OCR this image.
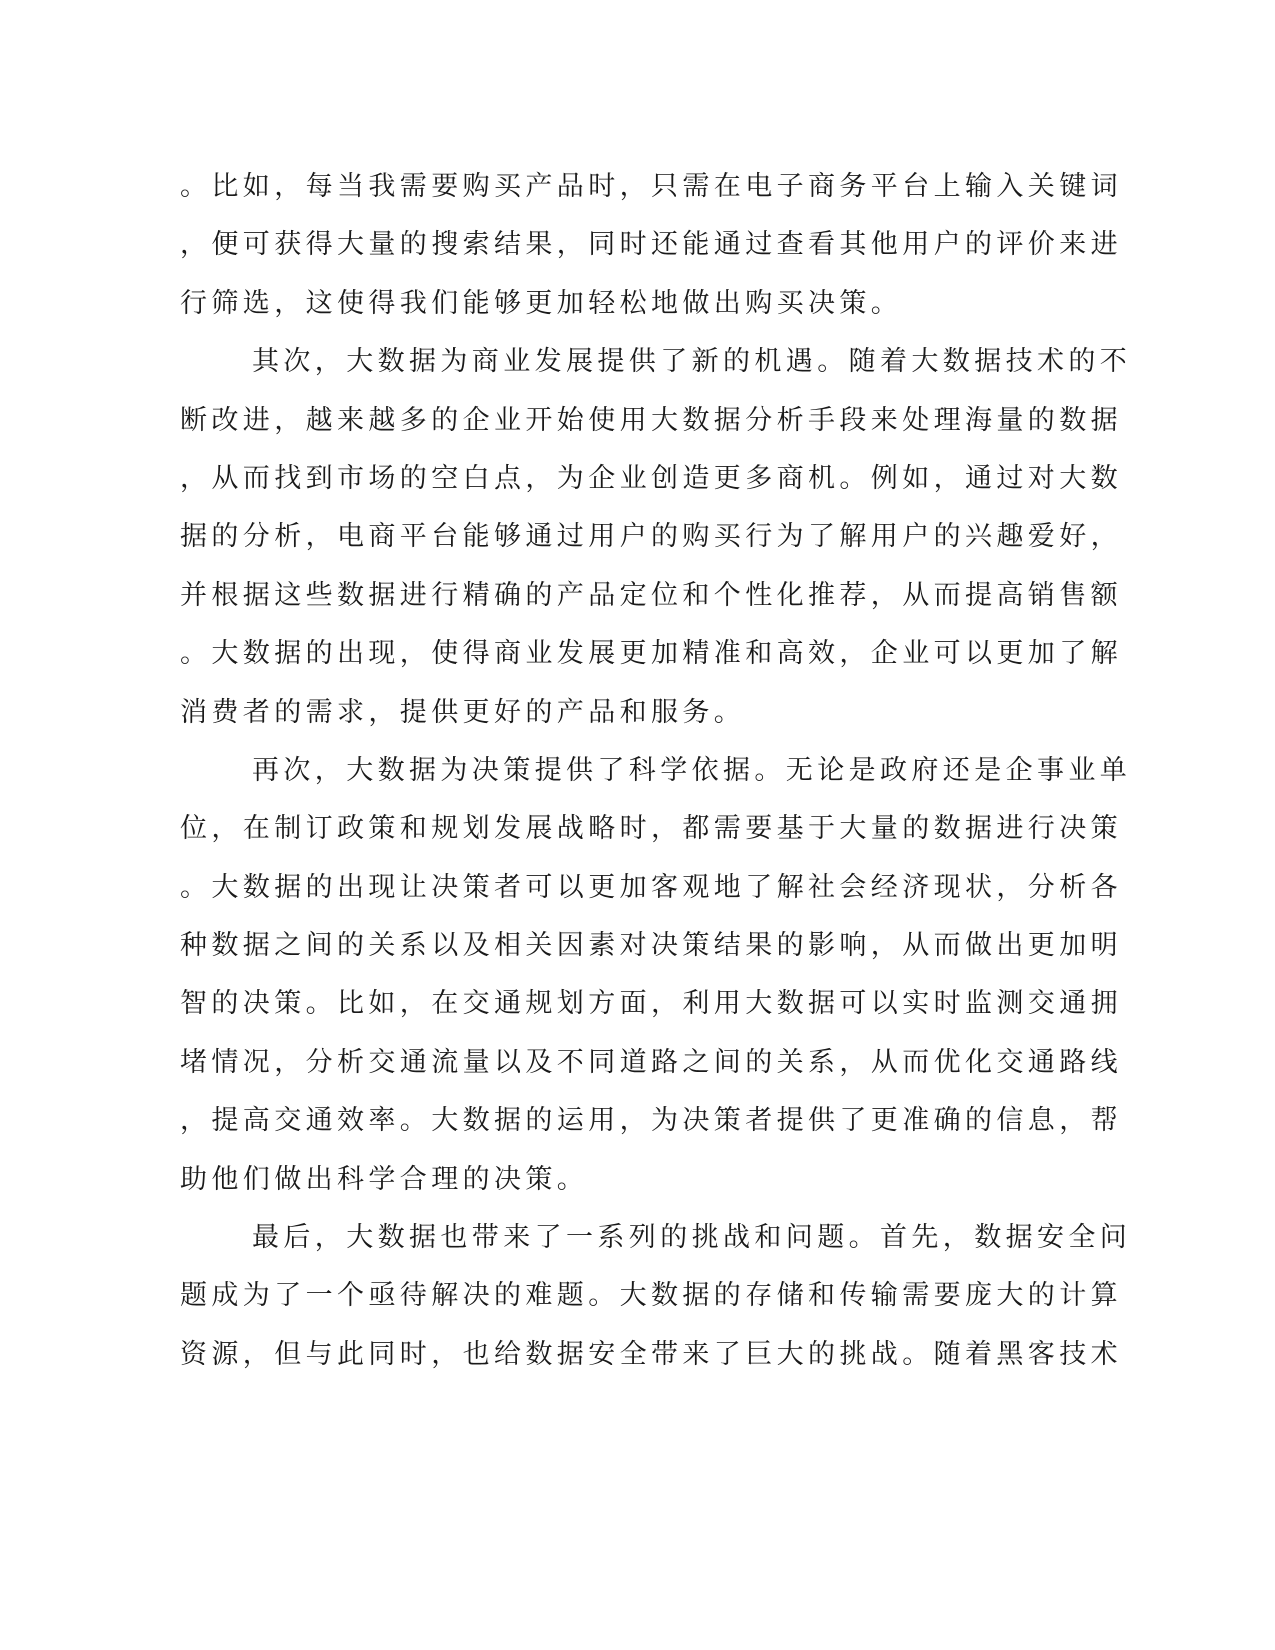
。比如，每当我需要购买产品时，只需在电子商务平台上输入关键词
，便可获得大量的搜索结果，同时还能通过查看其他用户的评价来进
行筛选，这使得我们能够更加轻松地做出购买决策。
其次，大数据为商业发展提供了新的机遇。随着大数据技术的不
断改进，越来越多的企业开始使用大数据分析手段来处理海量的数据
，从而找到市场的空白点，为企业创造更多商机。例如，通过对大数
据的分析，电商平台能够通过用户的购买行为了解用户的兴趣爱好，
并根据这些数据进行精确的产品定位和个性化推荐，从而提高销售额
。大数据的出现，使得商业发展更加精准和高效，企业可以更加了解
消费者的需求，提供更好的产品和服务。
再次，大数据为决策提供了科学依据。无论是政府还是企事业单
位，在制订政策和规划发展战略时，都需要基于大量的数据进行决策
。大数据的出现让决策者可以更加客观地了解社会经济现状，分析各
种数据之间的关系以及相关因素对决策结果的影响，从而做出更加明
智的决策。比如，在交通规划方面，利用大数据可以实时监测交通拥
堵情况，分析交通流量以及不同道路之间的关系，从而优化交通路线
，提高交通效率。大数据的运用，为决策者提供了更准确的信息，帮
助他们做出科学合理的决策。
最后，大数据也带来了一系列的挑战和问题。首先，数据安全问
题成为了一个亟待解决的难题。大数据的存储和传输需要庞大的计算
资源，但与此同时，也给数据安全带来了巨大的挑战。随着黑客技术
